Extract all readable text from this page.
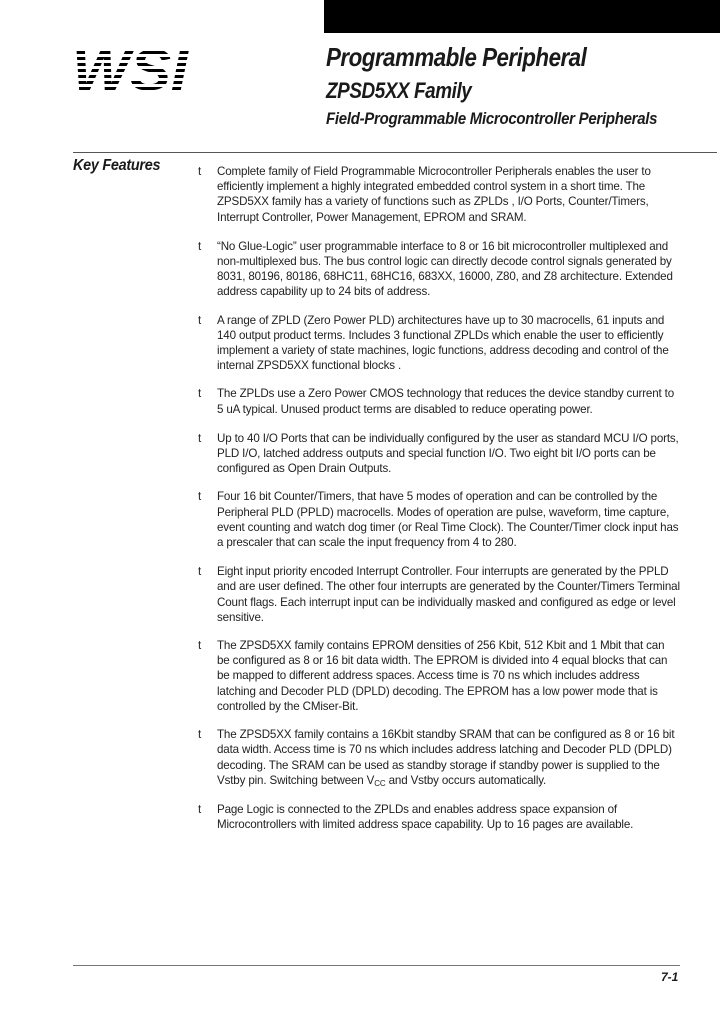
WSI	Programmable Peripheral
ZPSD5XX Family
Field-Programmable Microcontroller Peripherals
Key Features	t Complete family of Field Programmable Microcontroller Peripherals enables the user to efficiently implement a highly integrated embedded control system in a short time. The ZPSD5XX family has a variety of functions such as ZPLDs , I/O Ports, Counter/Timers, Interrupt Controller, Power Management, EPROM and SRAM.
t “No Glue-Logic” user programmable interface to 8 or 16 bit microcontroller multiplexed and non-multiplexed bus. The bus control logic can directly decode control signals generated by 8031, 80196, 80186, 68HC11, 68HC16, 683XX, 16000, Z80, and Z8 architecture. Extended address capability up to 24 bits of address.
t A range of ZPLD (Zero Power PLD) architectures have up to 30 macrocells, 61 inputs and 140 output product terms. Includes 3 functional ZPLDs which enable the user to efficiently implement a variety of state machines, logic functions, address decoding and control of the internal ZPSD5XX functional blocks .
t The ZPLDs use a Zero Power CMOS technology that reduces the device standby current to 5 uA typical. Unused product terms are disabled to reduce operating power.
t Up to 40 I/O Ports that can be individually configured by the user as standard MCU I/O ports, PLD I/O, latched address outputs and special function I/O. Two eight bit I/O ports can be configured as Open Drain Outputs.
t Four 16 bit Counter/Timers, that have 5 modes of operation and can be controlled by the Peripheral PLD (PPLD) macrocells. Modes of operation are pulse, waveform, time capture, event counting and watch dog timer (or Real Time Clock). The Counter/Timer clock input has a prescaler that can scale the input frequency from 4 to 280.
t Eight input priority encoded Interrupt Controller. Four interrupts are generated by the PPLD and are user defined. The other four interrupts are generated by the Counter/Timers Terminal Count flags. Each interrupt input can be individually masked and configured as edge or level sensitive.
t The ZPSD5XX family contains EPROM densities of 256 Kbit, 512 Kbit and 1 Mbit that can be configured as 8 or 16 bit data width. The EPROM is divided into 4 equal blocks that can be mapped to different address spaces. Access time is 70 ns which includes address latching and Decoder PLD (DPLD) decoding. The EPROM has a low power mode that is controlled by the CMiser-Bit.
t The ZPSD5XX family contains a 16Kbit standby SRAM that can be configured as 8 or 16 bit data width. Access time is 70 ns which includes address latching and Decoder PLD (DPLD) decoding. The SRAM can be used as standby storage if standby power is supplied to the Vstby pin. Switching between $V_{CC}$ and Vstby occurs automatically.
t Page Logic is connected to the ZPLDs and enables address space expansion of Microcontrollers with limited address space capability. Up to 16 pages are available.
7-1
